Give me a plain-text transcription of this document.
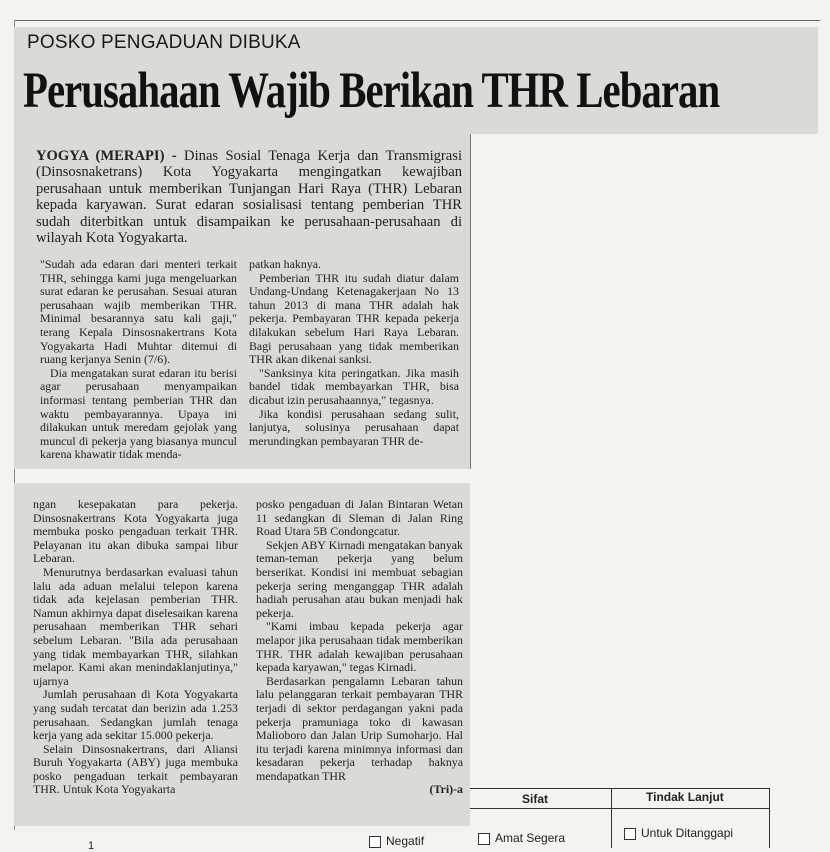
POSKO PENGADUAN DIBUKA
Perusahaan Wajib Berikan THR Lebaran

YOGYA (MERAPI) - Dinas Sosial Tenaga Kerja dan Transmigrasi (Dinsosnaketrans) Kota Yogyakarta mengingatkan kewajiban perusahaan untuk memberikan Tunjangan Hari Raya (THR) Lebaran kepada karyawan. Surat edaran sosialisasi tentang pemberian THR sudah diterbitkan untuk disampaikan ke perusahaan-perusahaan di wilayah Kota Yogyakarta.

"Sudah ada edaran dari menteri terkait THR, sehingga kami juga mengeluarkan surat edaran ke perusahan. Sesuai aturan perusahaan wajib memberikan THR. Minimal besarannya satu kali gaji," terang Kepala Dinsosnakertrans Kota Yogyakarta Hadi Muhtar ditemui di ruang kerjanya Senin (7/6).

Dia mengatakan surat edaran itu berisi agar perusahaan menyampaikan informasi tentang pemberian THR dan waktu pembayarannya. Upaya ini dilakukan untuk meredam gejolak yang muncul di pekerja yang biasanya muncul karena khawatir tidak menda-

patkan haknya.

Pemberian THR itu sudah diatur dalam Undang-Undang Ketenagakerjaan No 13 tahun 2013 di mana THR adalah hak pekerja. Pembayaran THR kepada pekerja dilakukan sebelum Hari Raya Lebaran. Bagi perusahaan yang tidak memberikan THR akan dikenai sanksi.

"Sanksinya kita peringatkan. Jika masih bandel tidak membayarkan THR, bisa dicabut izin perusahaannya," tegasnya.

Jika kondisi perusahaan sedang sulit, lanjutya, solusinya perusahaan dapat merundingkan pembayaran THR de-

ngan kesepakatan para pekerja. Dinsosnakertrans Kota Yogyakarta juga membuka posko pengaduan terkait THR. Pelayanan itu akan dibuka sampai libur Lebaran.

Menurutnya berdasarkan evaluasi tahun lalu ada aduan melalui telepon karena tidak ada kejelasan pemberian THR. Namun akhirnya dapat diselesaikan karena perusahaan memberikan THR sehari sebelum Lebaran. "Bila ada perusahaan yang tidak membayarkan THR, silahkan melapor. Kami akan menindaklanjutinya," ujarnya

Jumlah perusahaan di Kota Yogyakarta yang sudah tercatat dan berizin ada 1.253 perusahaan. Sedangkan jumlah tenaga kerja yang ada sekitar 15.000 pekerja.

Selain Dinsosnakertrans, dari Aliansi Buruh Yogyakarta (ABY) juga membuka posko pengaduan terkait pembayaran THR. Untuk Kota Yogyakarta

posko pengaduan di Jalan Bintaran Wetan 11 sedangkan di Sleman di Jalan Ring Road Utara 5B Condongcatur.

Sekjen ABY Kirnadi mengatakan banyak teman-teman pekerja yang belum berserikat. Kondisi ini membuat sebagian pekerja sering menganggap THR adalah hadiah perusahan atau bukan menjadi hak pekerja.

"Kami imbau kepada pekerja agar melapor jika perusahaan tidak memberikan THR. THR adalah kewajiban perusahaan kepada karyawan," tegas Kirnadi.

Berdasarkan pengalamn Lebaran tahun lalu pelanggaran terkait pembayaran THR terjadi di sektor perdagangan yakni pada pekerja pramuniaga toko di kawasan Malioboro dan Jalan Urip Sumoharjo. Hal itu terjadi karena minimnya informasi dan kesadaran pekerja terhadap haknya mendapatkan THR

(Tri)-a

Sifat	Tindak Lanjut
Negatif	Amat Segera	Untuk Ditanggapi
1
